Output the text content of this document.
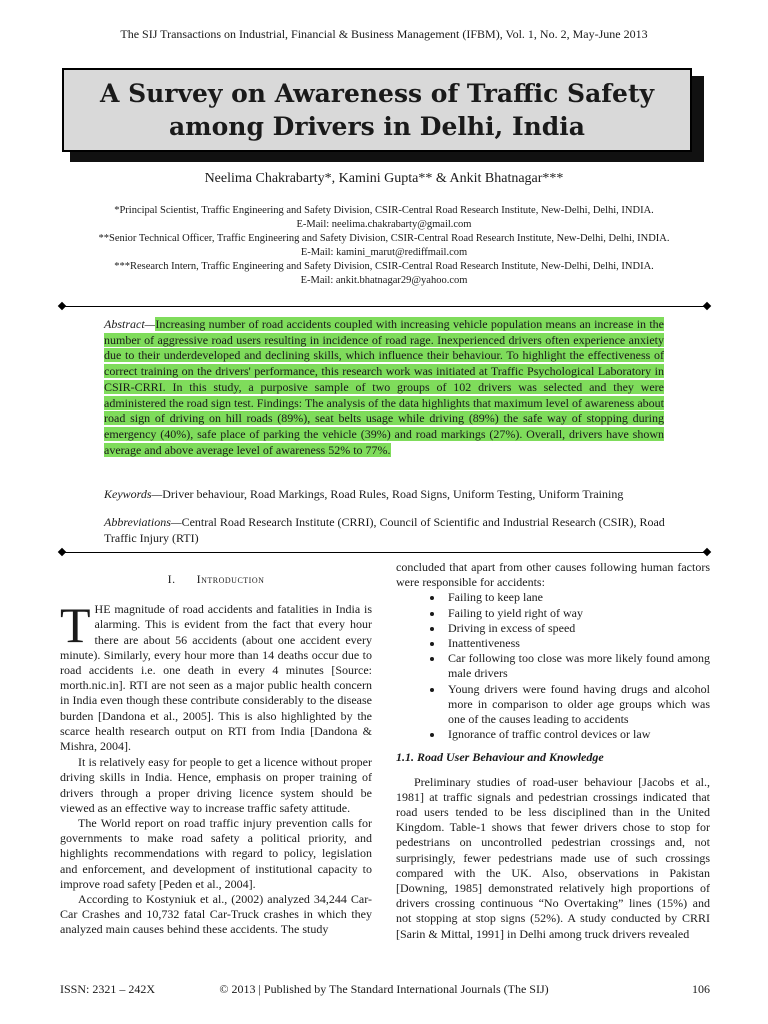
The SIJ Transactions on Industrial, Financial & Business Management (IFBM), Vol. 1, No. 2, May-June 2013
A Survey on Awareness of Traffic Safety
among Drivers in Delhi, India
Neelima Chakrabarty*, Kamini Gupta** & Ankit Bhatnagar***
*Principal Scientist, Traffic Engineering and Safety Division, CSIR-Central Road Research Institute, New-Delhi, Delhi, INDIA.
E-Mail: neelima.chakrabarty@gmail.com
**Senior Technical Officer, Traffic Engineering and Safety Division, CSIR-Central Road Research Institute, New-Delhi, Delhi, INDIA.
E-Mail: kamini_marut@rediffmail.com
***Research Intern, Traffic Engineering and Safety Division, CSIR-Central Road Research Institute, New-Delhi, Delhi, INDIA.
E-Mail: ankit.bhatnagar29@yahoo.com
Abstract—Increasing number of road accidents coupled with increasing vehicle population means an increase in the number of aggressive road users resulting in incidence of road rage. Inexperienced drivers often experience anxiety due to their underdeveloped and declining skills, which influence their behaviour. To highlight the effectiveness of correct training on the drivers' performance, this research work was initiated at Traffic Psychological Laboratory in CSIR-CRRI. In this study, a purposive sample of two groups of 102 drivers was selected and they were administered the road sign test. Findings: The analysis of the data highlights that maximum level of awareness about road sign of driving on hill roads (89%), seat belts usage while driving (89%) the safe way of stopping during emergency (40%), safe place of parking the vehicle (39%) and road markings (27%). Overall, drivers have shown average and above average level of awareness 52% to 77%.
Keywords—Driver behaviour, Road Markings, Road Rules, Road Signs, Uniform Testing, Uniform Training
Abbreviations—Central Road Research Institute (CRRI), Council of Scientific and Industrial Research (CSIR), Road Traffic Injury (RTI)
I. Introduction

THE magnitude of road accidents and fatalities in India is alarming. This is evident from the fact that every hour there are about 56 accidents (about one accident every minute). Similarly, every hour more than 14 deaths occur due to road accidents i.e. one death in every 4 minutes [Source: morth.nic.in]. RTI are not seen as a major public health concern in India even though these contribute considerably to the disease burden [Dandona et al., 2005]. This is also highlighted by the scarce health research output on RTI from India [Dandona & Mishra, 2004].

It is relatively easy for people to get a licence without proper driving skills in India. Hence, emphasis on proper training of drivers through a proper driving licence system should be viewed as an effective way to increase traffic safety attitude.

The World report on road traffic injury prevention calls for governments to make road safety a political priority, and highlights recommendations with regard to policy, legislation and enforcement, and development of institutional capacity to improve road safety [Peden et al., 2004].

According to Kostyniuk et al., (2002) analyzed 34,244 Car-Car Crashes and 10,732 fatal Car-Truck crashes in which they analyzed main causes behind these accidents. The study

concluded that apart from other causes following human factors were responsible for accidents:

• Failing to keep lane
• Failing to yield right of way
• Driving in excess of speed
• Inattentiveness
• Car following too close was more likely found among male drivers
• Young drivers were found having drugs and alcohol more in comparison to older age groups which was one of the causes leading to accidents
• Ignorance of traffic control devices or law
1.1. Road User Behaviour and Knowledge

Preliminary studies of road-user behaviour [Jacobs et al., 1981] at traffic signals and pedestrian crossings indicated that road users tended to be less disciplined than in the United Kingdom. Table-1 shows that fewer drivers chose to stop for pedestrians on uncontrolled pedestrian crossings and, not surprisingly, fewer pedestrians made use of such crossings compared with the UK. Also, observations in Pakistan [Downing, 1985] demonstrated relatively high proportions of drivers crossing continuous “No Overtaking” lines (15%) and not stopping at stop signs (52%). A study conducted by CRRI [Sarin & Mittal, 1991] in Delhi among truck drivers revealed

ISSN: 2321 – 242X	© 2013 | Published by The Standard International Journals (The SIJ)	106
